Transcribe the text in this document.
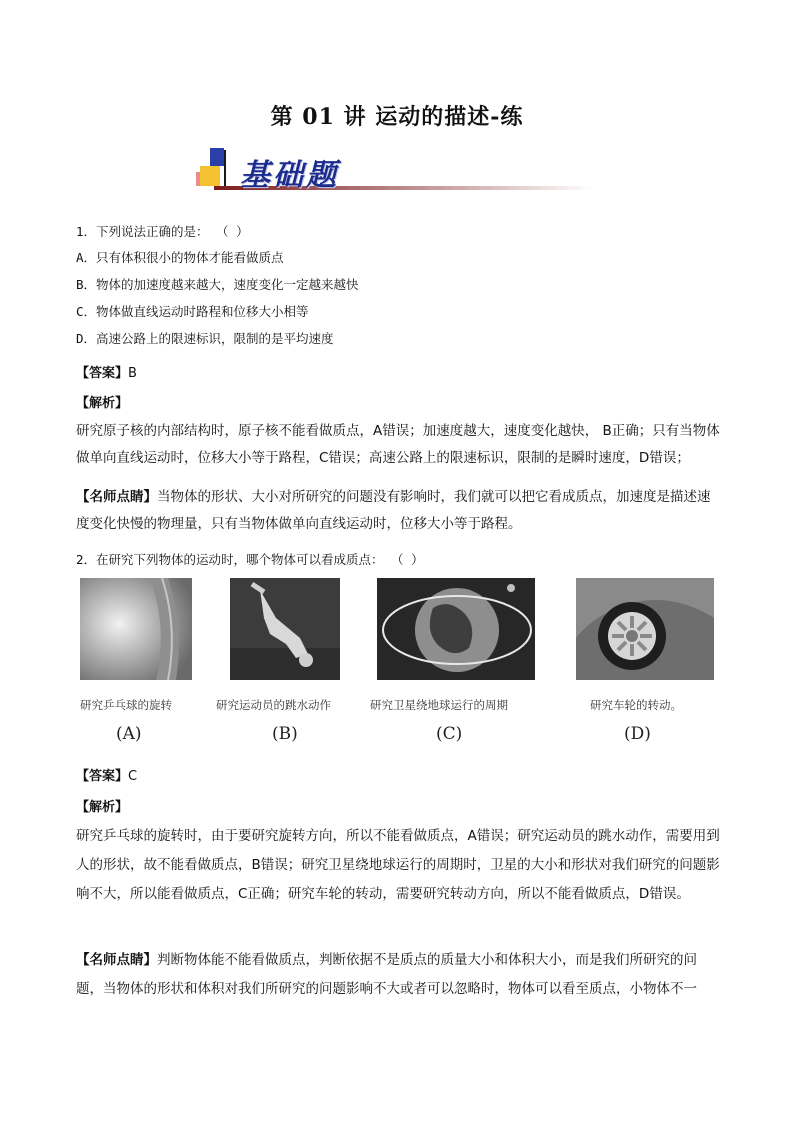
第 01 讲 运动的描述-练
基础题
1．下列说法正确的是： （ ）
A．只有体积很小的物体才能看做质点
B．物体的加速度越来越大，速度变化一定越来越快
C．物体做直线运动时路程和位移大小相等
D．高速公路上的限速标识，限制的是平均速度
【答案】B
【解析】
研究原子核的内部结构时，原子核不能看做质点，A错误；加速度越大，速度变化越快， B正确；只有当物体做单向直线运动时，位移大小等于路程，C错误；高速公路上的限速标识，限制的是瞬时速度，D错误；
【名师点睛】当物体的形状、大小对所研究的问题没有影响时，我们就可以把它看成质点，加速度是描述速度变化快慢的物理量，只有当物体做单向直线运动时，位移大小等于路程。
2．在研究下列物体的运动时，哪个物体可以看成质点： （ ）
研究乒乓球的旋转	研究运动员的跳水动作	研究卫星绕地球运行的周期	研究车轮的转动。
(A)	(B)	(C)	(D)
【答案】C
【解析】
研究乒乓球的旋转时，由于要研究旋转方向，所以不能看做质点，A错误；研究运动员的跳水动作，需要用到人的形状，故不能看做质点，B错误；研究卫星绕地球运行的周期时，卫星的大小和形状对我们研究的问题影响不大，所以能看做质点，C正确；研究车轮的转动，需要研究转动方向，所以不能看做质点，D错误。
【名师点睛】判断物体能不能看做质点，判断依据不是质点的质量大小和体积大小，而是我们所研究的问题，当物体的形状和体积对我们所研究的问题影响不大或者可以忽略时，物体可以看至质点，小物体不一
